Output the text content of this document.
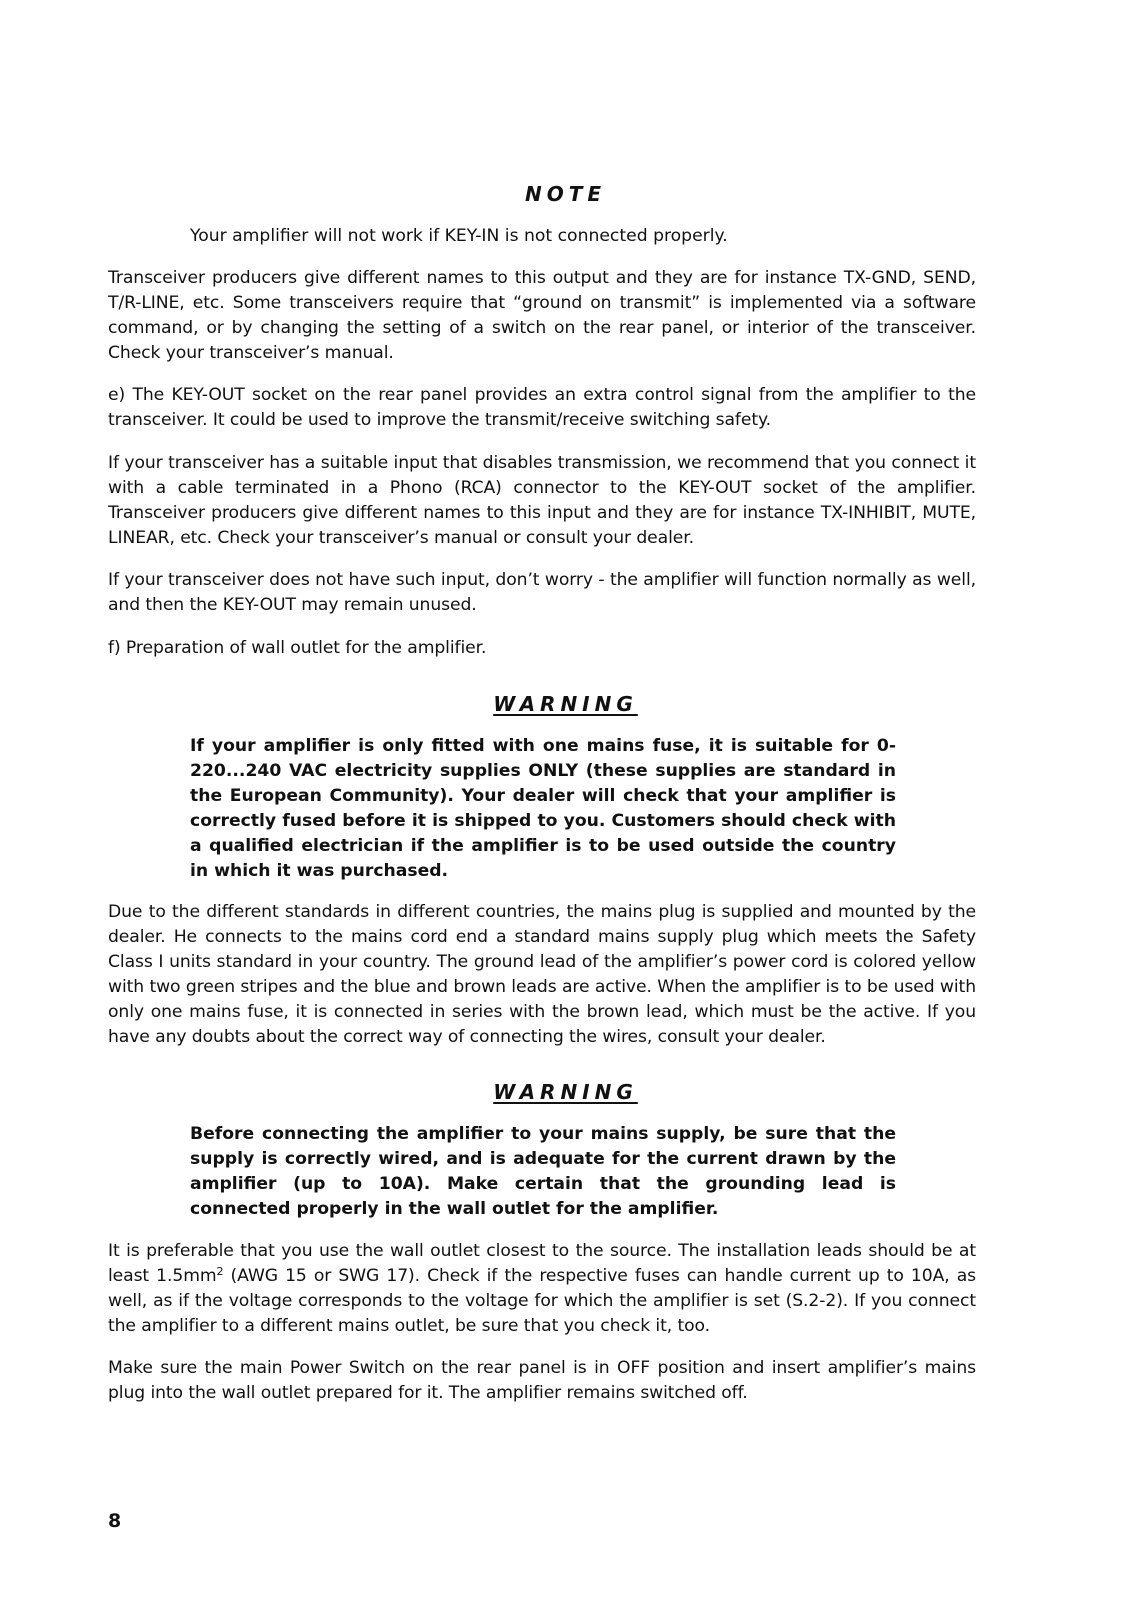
NOTE

Your amplifier will not work if KEY-IN is not connected properly.

Transceiver producers give different names to this output and they are for instance TX-GND, SEND, T/R-LINE, etc. Some transceivers require that “ground on transmit” is implemented via a software command, or by changing the setting of a switch on the rear panel, or interior of the transceiver. Check your transceiver’s manual.

e) The KEY-OUT socket on the rear panel provides an extra control signal from the amplifier to the transceiver. It could be used to improve the transmit/receive switching safety.

If your transceiver has a suitable input that disables transmission, we recommend that you connect it with a cable terminated in a Phono (RCA) connector to the KEY-OUT socket of the amplifier. Transceiver producers give different names to this input and they are for instance TX-INHIBIT, MUTE, LINEAR, etc. Check your transceiver’s manual or consult your dealer.

If your transceiver does not have such input, don’t worry - the amplifier will function normally as well, and then the KEY-OUT may remain unused.

f) Preparation of wall outlet for the amplifier.

WARNING

If your amplifier is only fitted with one mains fuse, it is suitable for 0-220...240 VAC electricity supplies ONLY (these supplies are standard in the European Community). Your dealer will check that your amplifier is correctly fused before it is shipped to you. Customers should check with a qualified electrician if the amplifier is to be used outside the country in which it was purchased.

Due to the different standards in different countries, the mains plug is supplied and mounted by the dealer. He connects to the mains cord end a standard mains supply plug which meets the Safety Class I units standard in your country. The ground lead of the amplifier’s power cord is colored yellow with two green stripes and the blue and brown leads are active. When the amplifier is to be used with only one mains fuse, it is connected in series with the brown lead, which must be the active. If you have any doubts about the correct way of connecting the wires, consult your dealer.

WARNING

Before connecting the amplifier to your mains supply, be sure that the supply is correctly wired, and is adequate for the current drawn by the amplifier (up to 10A). Make certain that the grounding lead is connected properly in the wall outlet for the amplifier.

It is preferable that you use the wall outlet closest to the source. The installation leads should be at least $1.5mm^2$ (AWG 15 or SWG 17). Check if the respective fuses can handle current up to 10A, as well, as if the voltage corresponds to the voltage for which the amplifier is set (S.2-2). If you connect the amplifier to a different mains outlet, be sure that you check it, too.

Make sure the main Power Switch on the rear panel is in OFF position and insert amplifier’s mains plug into the wall outlet prepared for it. The amplifier remains switched off.

8
